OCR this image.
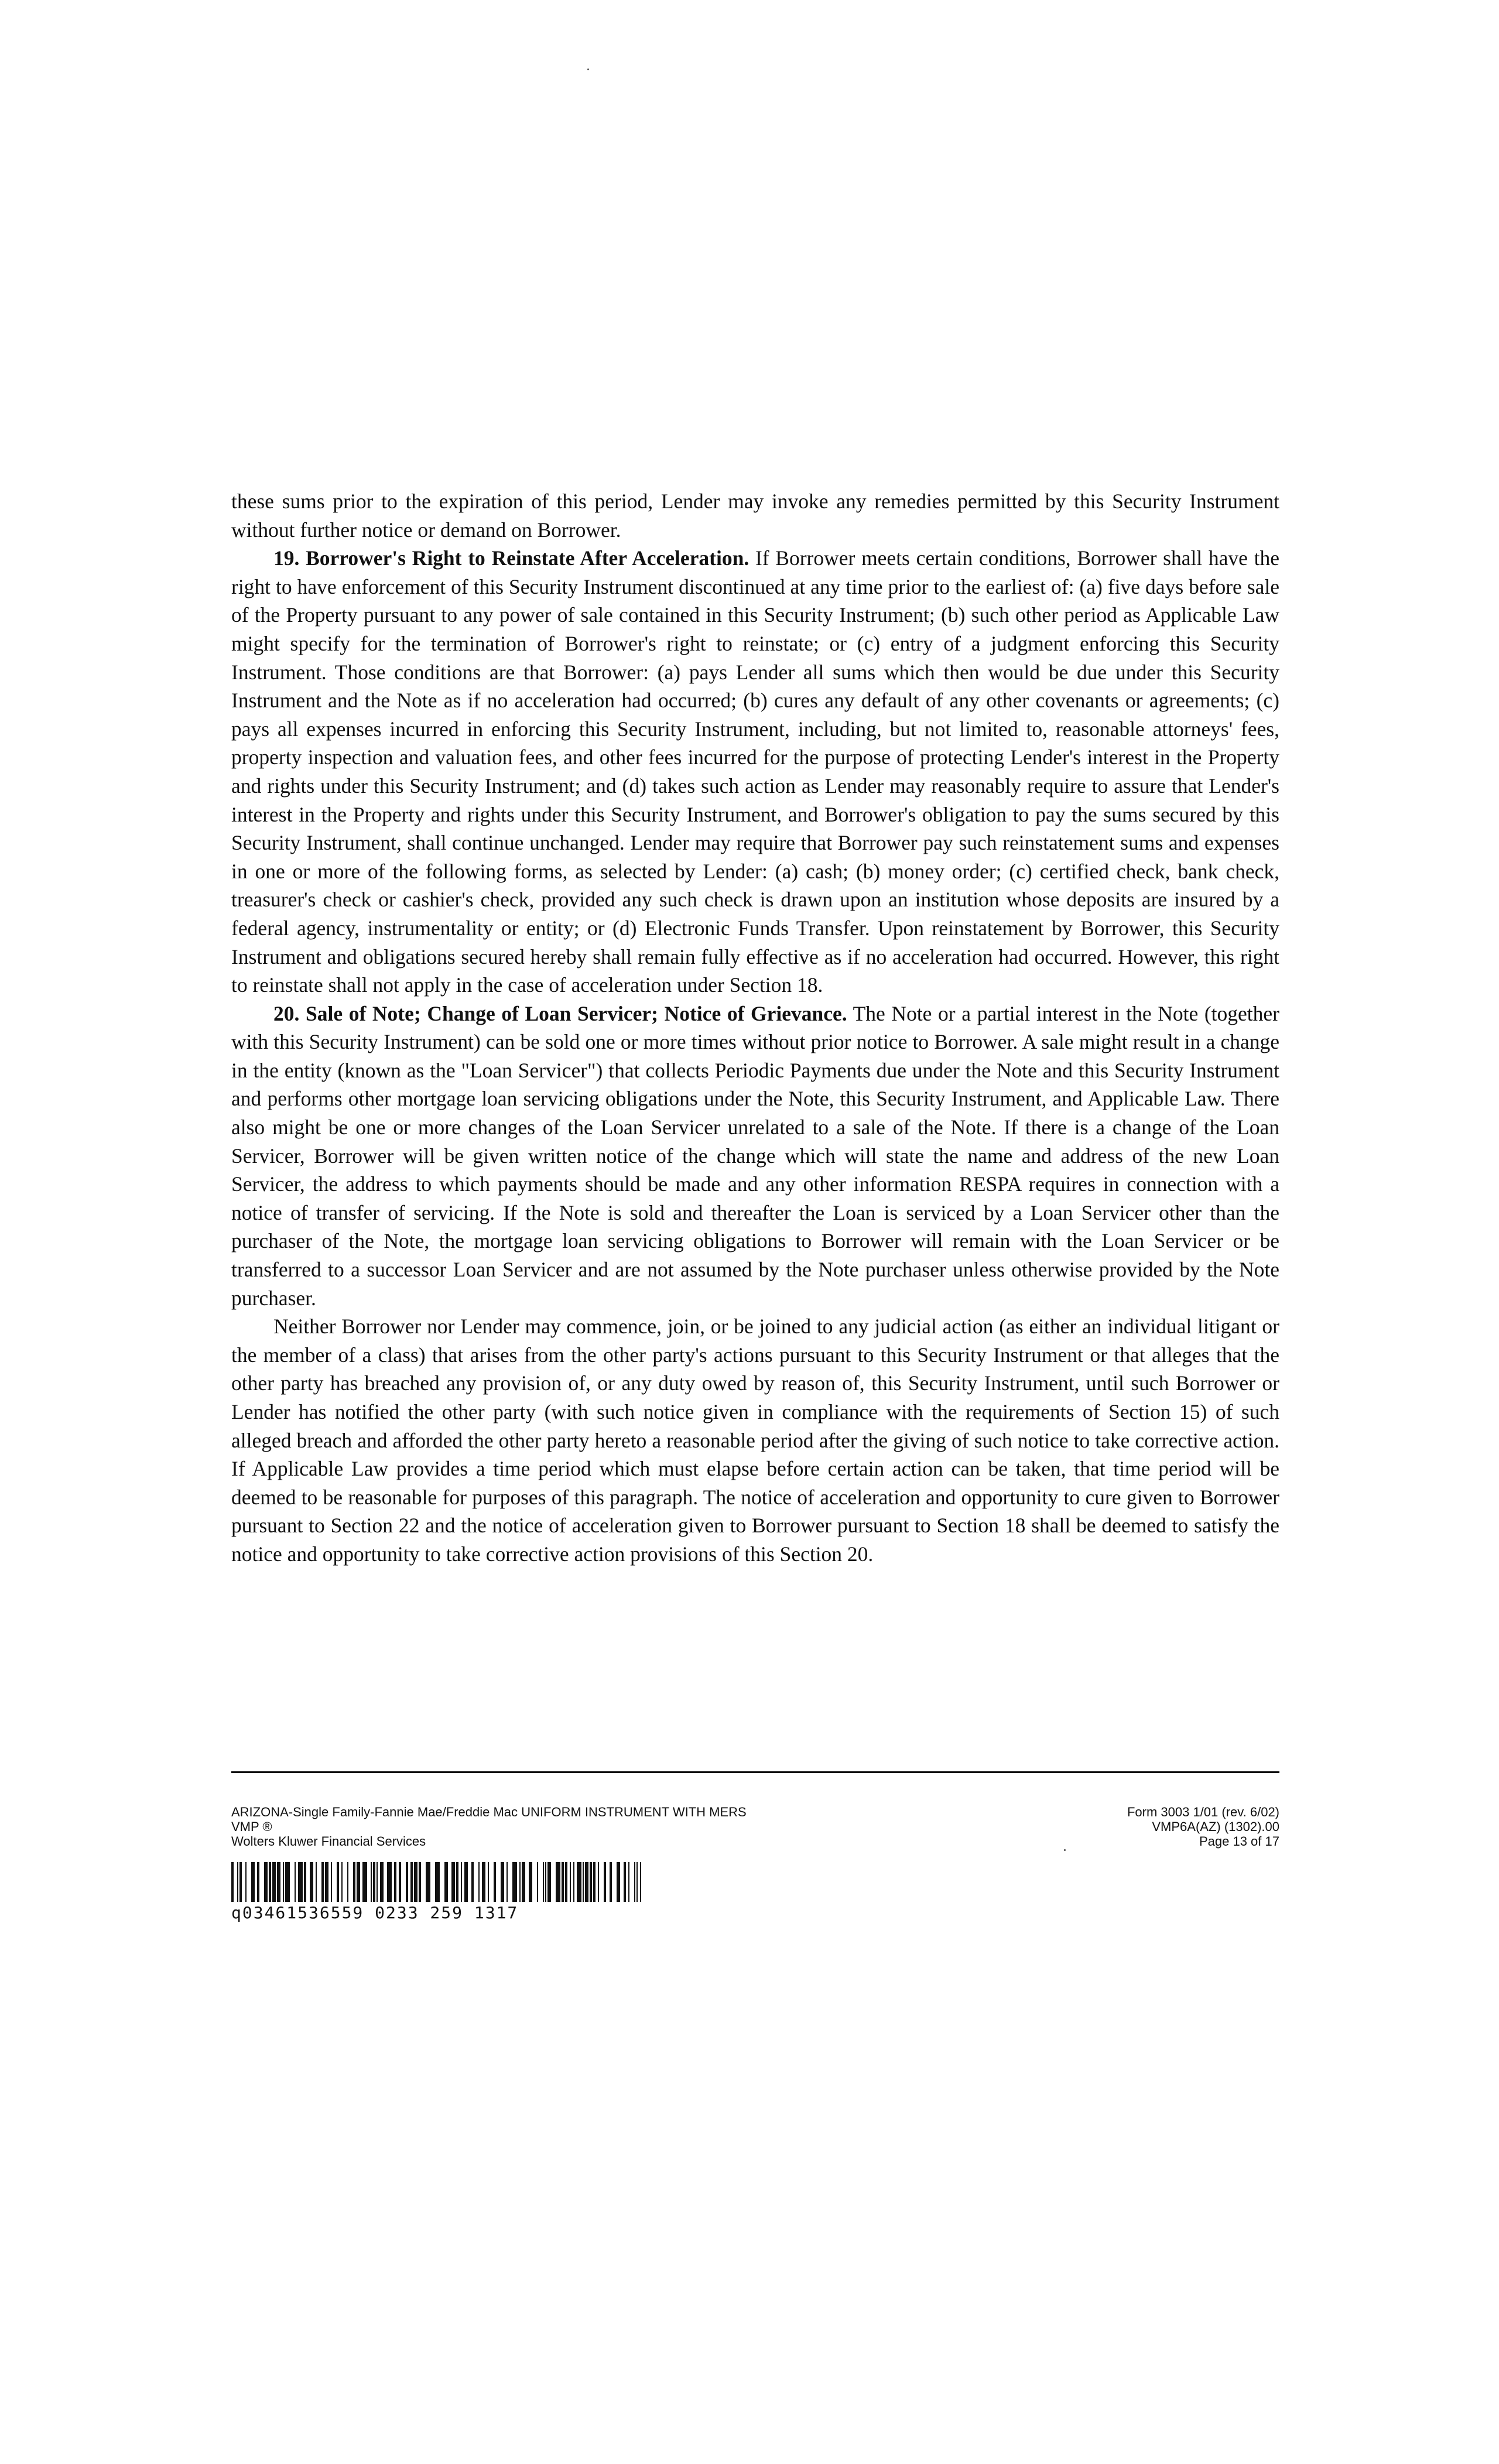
these sums prior to the expiration of this period, Lender may invoke any remedies permitted by this Security Instrument without further notice or demand on Borrower.

19. Borrower's Right to Reinstate After Acceleration. If Borrower meets certain conditions, Borrower shall have the right to have enforcement of this Security Instrument discontinued at any time prior to the earliest of: (a) five days before sale of the Property pursuant to any power of sale contained in this Security Instrument; (b) such other period as Applicable Law might specify for the termination of Borrower's right to reinstate; or (c) entry of a judgment enforcing this Security Instrument. Those conditions are that Borrower: (a) pays Lender all sums which then would be due under this Security Instrument and the Note as if no acceleration had occurred; (b) cures any default of any other covenants or agreements; (c) pays all expenses incurred in enforcing this Security Instrument, including, but not limited to, reasonable attorneys' fees, property inspection and valuation fees, and other fees incurred for the purpose of protecting Lender's interest in the Property and rights under this Security Instrument; and (d) takes such action as Lender may reasonably require to assure that Lender's interest in the Property and rights under this Security Instrument, and Borrower's obligation to pay the sums secured by this Security Instrument, shall continue unchanged. Lender may require that Borrower pay such reinstatement sums and expenses in one or more of the following forms, as selected by Lender: (a) cash; (b) money order; (c) certified check, bank check, treasurer's check or cashier's check, provided any such check is drawn upon an institution whose deposits are insured by a federal agency, instrumentality or entity; or (d) Electronic Funds Transfer. Upon reinstatement by Borrower, this Security Instrument and obligations secured hereby shall remain fully effective as if no acceleration had occurred. However, this right to reinstate shall not apply in the case of acceleration under Section 18.

20. Sale of Note; Change of Loan Servicer; Notice of Grievance. The Note or a partial interest in the Note (together with this Security Instrument) can be sold one or more times without prior notice to Borrower. A sale might result in a change in the entity (known as the "Loan Servicer") that collects Periodic Payments due under the Note and this Security Instrument and performs other mortgage loan servicing obligations under the Note, this Security Instrument, and Applicable Law. There also might be one or more changes of the Loan Servicer unrelated to a sale of the Note. If there is a change of the Loan Servicer, Borrower will be given written notice of the change which will state the name and address of the new Loan Servicer, the address to which payments should be made and any other information RESPA requires in connection with a notice of transfer of servicing. If the Note is sold and thereafter the Loan is serviced by a Loan Servicer other than the purchaser of the Note, the mortgage loan servicing obligations to Borrower will remain with the Loan Servicer or be transferred to a successor Loan Servicer and are not assumed by the Note purchaser unless otherwise provided by the Note purchaser.

Neither Borrower nor Lender may commence, join, or be joined to any judicial action (as either an individual litigant or the member of a class) that arises from the other party's actions pursuant to this Security Instrument or that alleges that the other party has breached any provision of, or any duty owed by reason of, this Security Instrument, until such Borrower or Lender has notified the other party (with such notice given in compliance with the requirements of Section 15) of such alleged breach and afforded the other party hereto a reasonable period after the giving of such notice to take corrective action. If Applicable Law provides a time period which must elapse before certain action can be taken, that time period will be deemed to be reasonable for purposes of this paragraph. The notice of acceleration and opportunity to cure given to Borrower pursuant to Section 22 and the notice of acceleration given to Borrower pursuant to Section 18 shall be deemed to satisfy the notice and opportunity to take corrective action provisions of this Section 20.

ARIZONA-Single Family-Fannie Mae/Freddie Mac UNIFORM INSTRUMENT WITH MERS
VMP ®
Wolters Kluwer Financial Services
Form 3003 1/01 (rev. 6/02)
VMP6A(AZ) (1302).00
Page 13 of 17
q03461536559 0233 259 1317
